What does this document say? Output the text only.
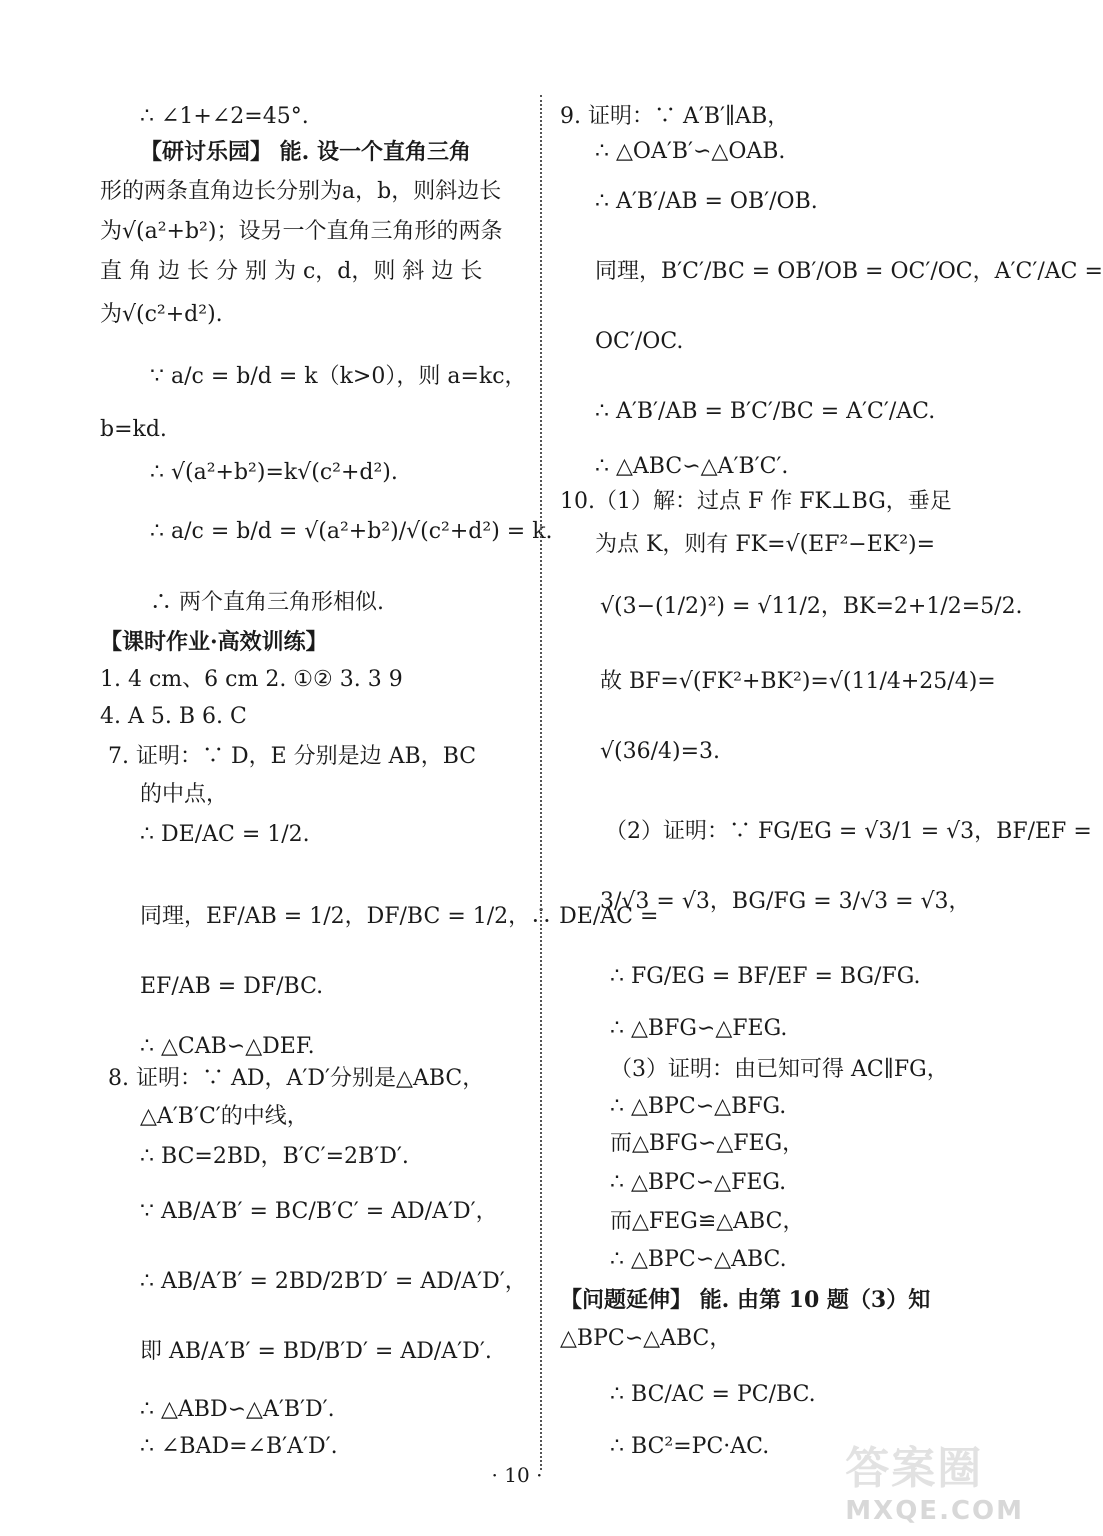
∴ ∠1+∠2=45°.
【研讨乐园】 能. 设一个直角三角
形的两条直角边长分别为a，b，则斜边长
为√(a²+b²)；设另一个直角三角形的两条
直 角 边 长 分 别 为 c，d，则 斜 边 长
为√(c²+d²).
∵ a/c = b/d = k（k>0），则 a=kc，
b=kd.
∴ √(a²+b²)=k√(c²+d²).
∴ a/c = b/d = √(a²+b²)/√(c²+d²) = k.
∴ 两个直角三角形相似.
【课时作业·高效训练】
1. 4 cm、6 cm 2. ①② 3. 3 9
4. A 5. B 6. C
7. 证明：∵ D，E 分别是边 AB，BC
的中点，
∴ DE/AC = 1/2.
同理，EF/AB = 1/2，DF/BC = 1/2，∴ DE/AC =
EF/AB = DF/BC.
∴ △CAB∽△DEF.
8. 证明：∵ AD，A′D′分别是△ABC，
△A′B′C′的中线，
∴ BC=2BD，B′C′=2B′D′.
∵ AB/A′B′ = BC/B′C′ = AD/A′D′，
∴ AB/A′B′ = 2BD/2B′D′ = AD/A′D′，
即 AB/A′B′ = BD/B′D′ = AD/A′D′.
∴ △ABD∽△A′B′D′.
∴ ∠BAD=∠B′A′D′.
9. 证明：∵ A′B′∥AB，
∴ △OA′B′∽△OAB.
∴ A′B′/AB = OB′/OB.
同理，B′C′/BC = OB′/OB = OC′/OC，A′C′/AC =
OC′/OC.
∴ A′B′/AB = B′C′/BC = A′C′/AC.
∴ △ABC∽△A′B′C′.
10.（1）解：过点 F 作 FK⊥BG，垂足
为点 K，则有 FK=√(EF²−EK²)=
√(3−(1/2)²) = √11/2，BK=2+1/2=5/2.
故 BF=√(FK²+BK²)=√(11/4+25/4)=
√(36/4)=3.
（2）证明：∵ FG/EG = √3/1 = √3，BF/EF =
3/√3 = √3，BG/FG = 3/√3 = √3，
∴ FG/EG = BF/EF = BG/FG.
∴ △BFG∽△FEG.
（3）证明：由已知可得 AC∥FG，
∴ △BPC∽△BFG.
而△BFG∽△FEG，
∴ △BPC∽△FEG.
而△FEG≌△ABC，
∴ △BPC∽△ABC.
【问题延伸】 能. 由第 10 题（3）知
△BPC∽△ABC，
∴ BC/AC = PC/BC.
∴ BC²=PC·AC.
· 10 ·	答案圈
MXQE.COM
